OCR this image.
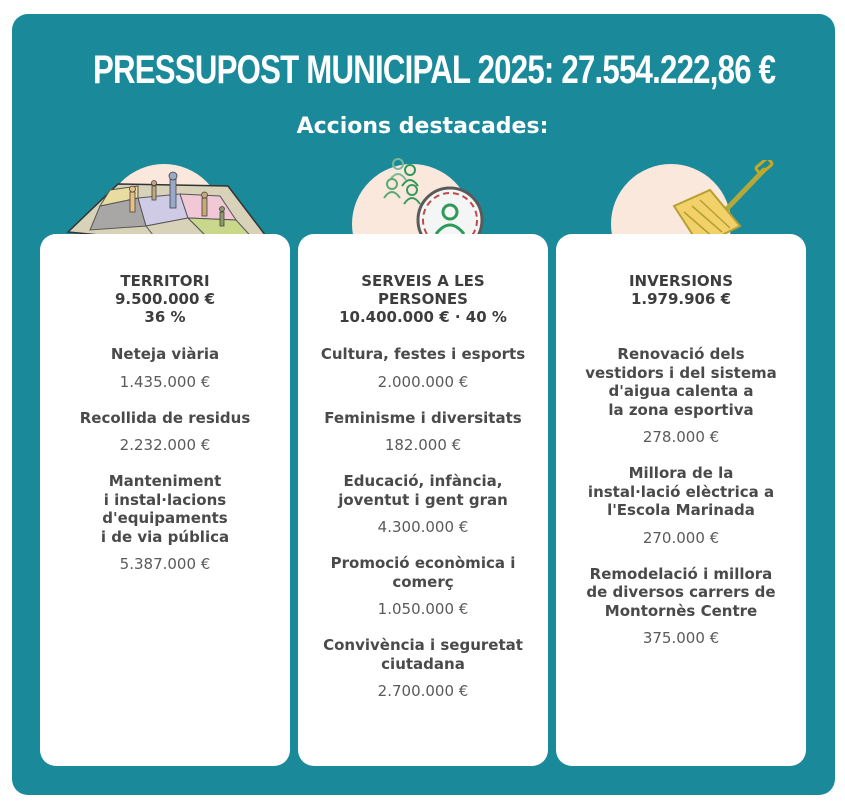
PRESSUPOST MUNICIPAL 2025: 27.554.222,86 €
Accions destacades:
TERRITORI
9.500.000 €
36 %
Neteja viària
1.435.000 €
Recollida de residus
2.232.000 €
Manteniment
i instal·lacions
d'equipaments
i de via pública
5.387.000 €
SERVEIS A LES
PERSONES
10.400.000 € · 40 %
Cultura, festes i esports
2.000.000 €
Feminisme i diversitats
182.000 €
Educació, infància,
joventut i gent gran
4.300.000 €
Promoció econòmica i
comerç
1.050.000 €
Convivència i seguretat
ciutadana
2.700.000 €
INVERSIONS
1.979.906 €
Renovació dels
vestidors i del sistema
d'aigua calenta a
la zona esportiva
278.000 €
Millora de la
instal·lació elèctrica a
l'Escola Marinada
270.000 €
Remodelació i millora
de diversos carrers de
Montornès Centre
375.000 €
